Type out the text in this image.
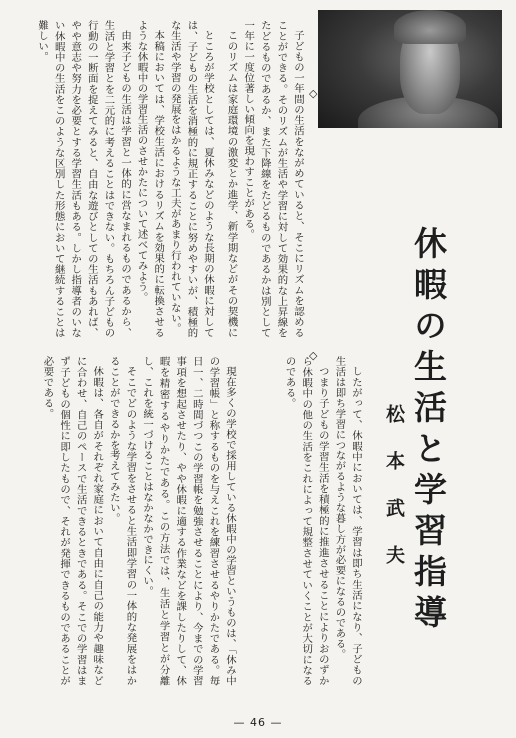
休暇の生活と学習指導
松本武夫
◇
◇

ところが学校としては、夏休みなどのような長期の休暇に対しては、子どもの生活を消極的に規正することに努めやすいが、積極的な生活や学習の発展をはかるような工夫があまり行われていない。

本稿においては、学校生活におけるリズムを効果的に転換させるような休暇中の学習生活のさせかたについて述べてみよう。

由来子どもの生活は学習と一体的に営なまれるものであるから、生活と学習とを二元的に考えることはできない。もちろん子どもの行動の一断面を捉えてみると、自由な遊びとしての生活もあれば、やや意志や努力を必要とする学習生活もある。しかし指導者のいない休暇中の生活をこのような区別した形態において継続することは難しい。

したがって、休暇中においては、学習は即ち生活になり、子どもの生活は即ち学習につながるような暮し方が必要になるのである。

つまり子どもの学習生活を積極的に推進させることによりおのずから休暇中の他の生活をこれによって規整させていくことが大切になるのである。

子どもの一年間の生活をながめていると、そこにリズムを認めることができる。そのリズムが生活や学習に対して効果的な上昇線をたどるものであるか、また下降線をたどるものであるかは別として一年に一度位著しい傾向を現わすことがある。

このリズムは家庭環境の激変とか進学、新学期などがその契機に

現在多くの学校で採用している休暇中の学習というものは、「休み中の学習帳」と称するものを与えこれを練習させるやりかたである。毎日一、二時間づつこの学習帳を勉強させることにより、今までの学習事項を想起させたり、やや休暇に適する作業などを課したりして、休暇を精密するやりかたである。この方法では、生活と学習とが分離し、これを統一づけることはなかなかできにくい。

そこでどのような学習をさせると生活即学習の一体的な発展をはかることができるかを考えてみたい。

休暇は、各自がそれぞれ家庭において自由に自己の能力や趣味などに合わせ、自己のペースで生活できるときである。そこでの学習はまず子どもの個性に即したもので、それが発揮できるものであることが必要である。

— 46 —
